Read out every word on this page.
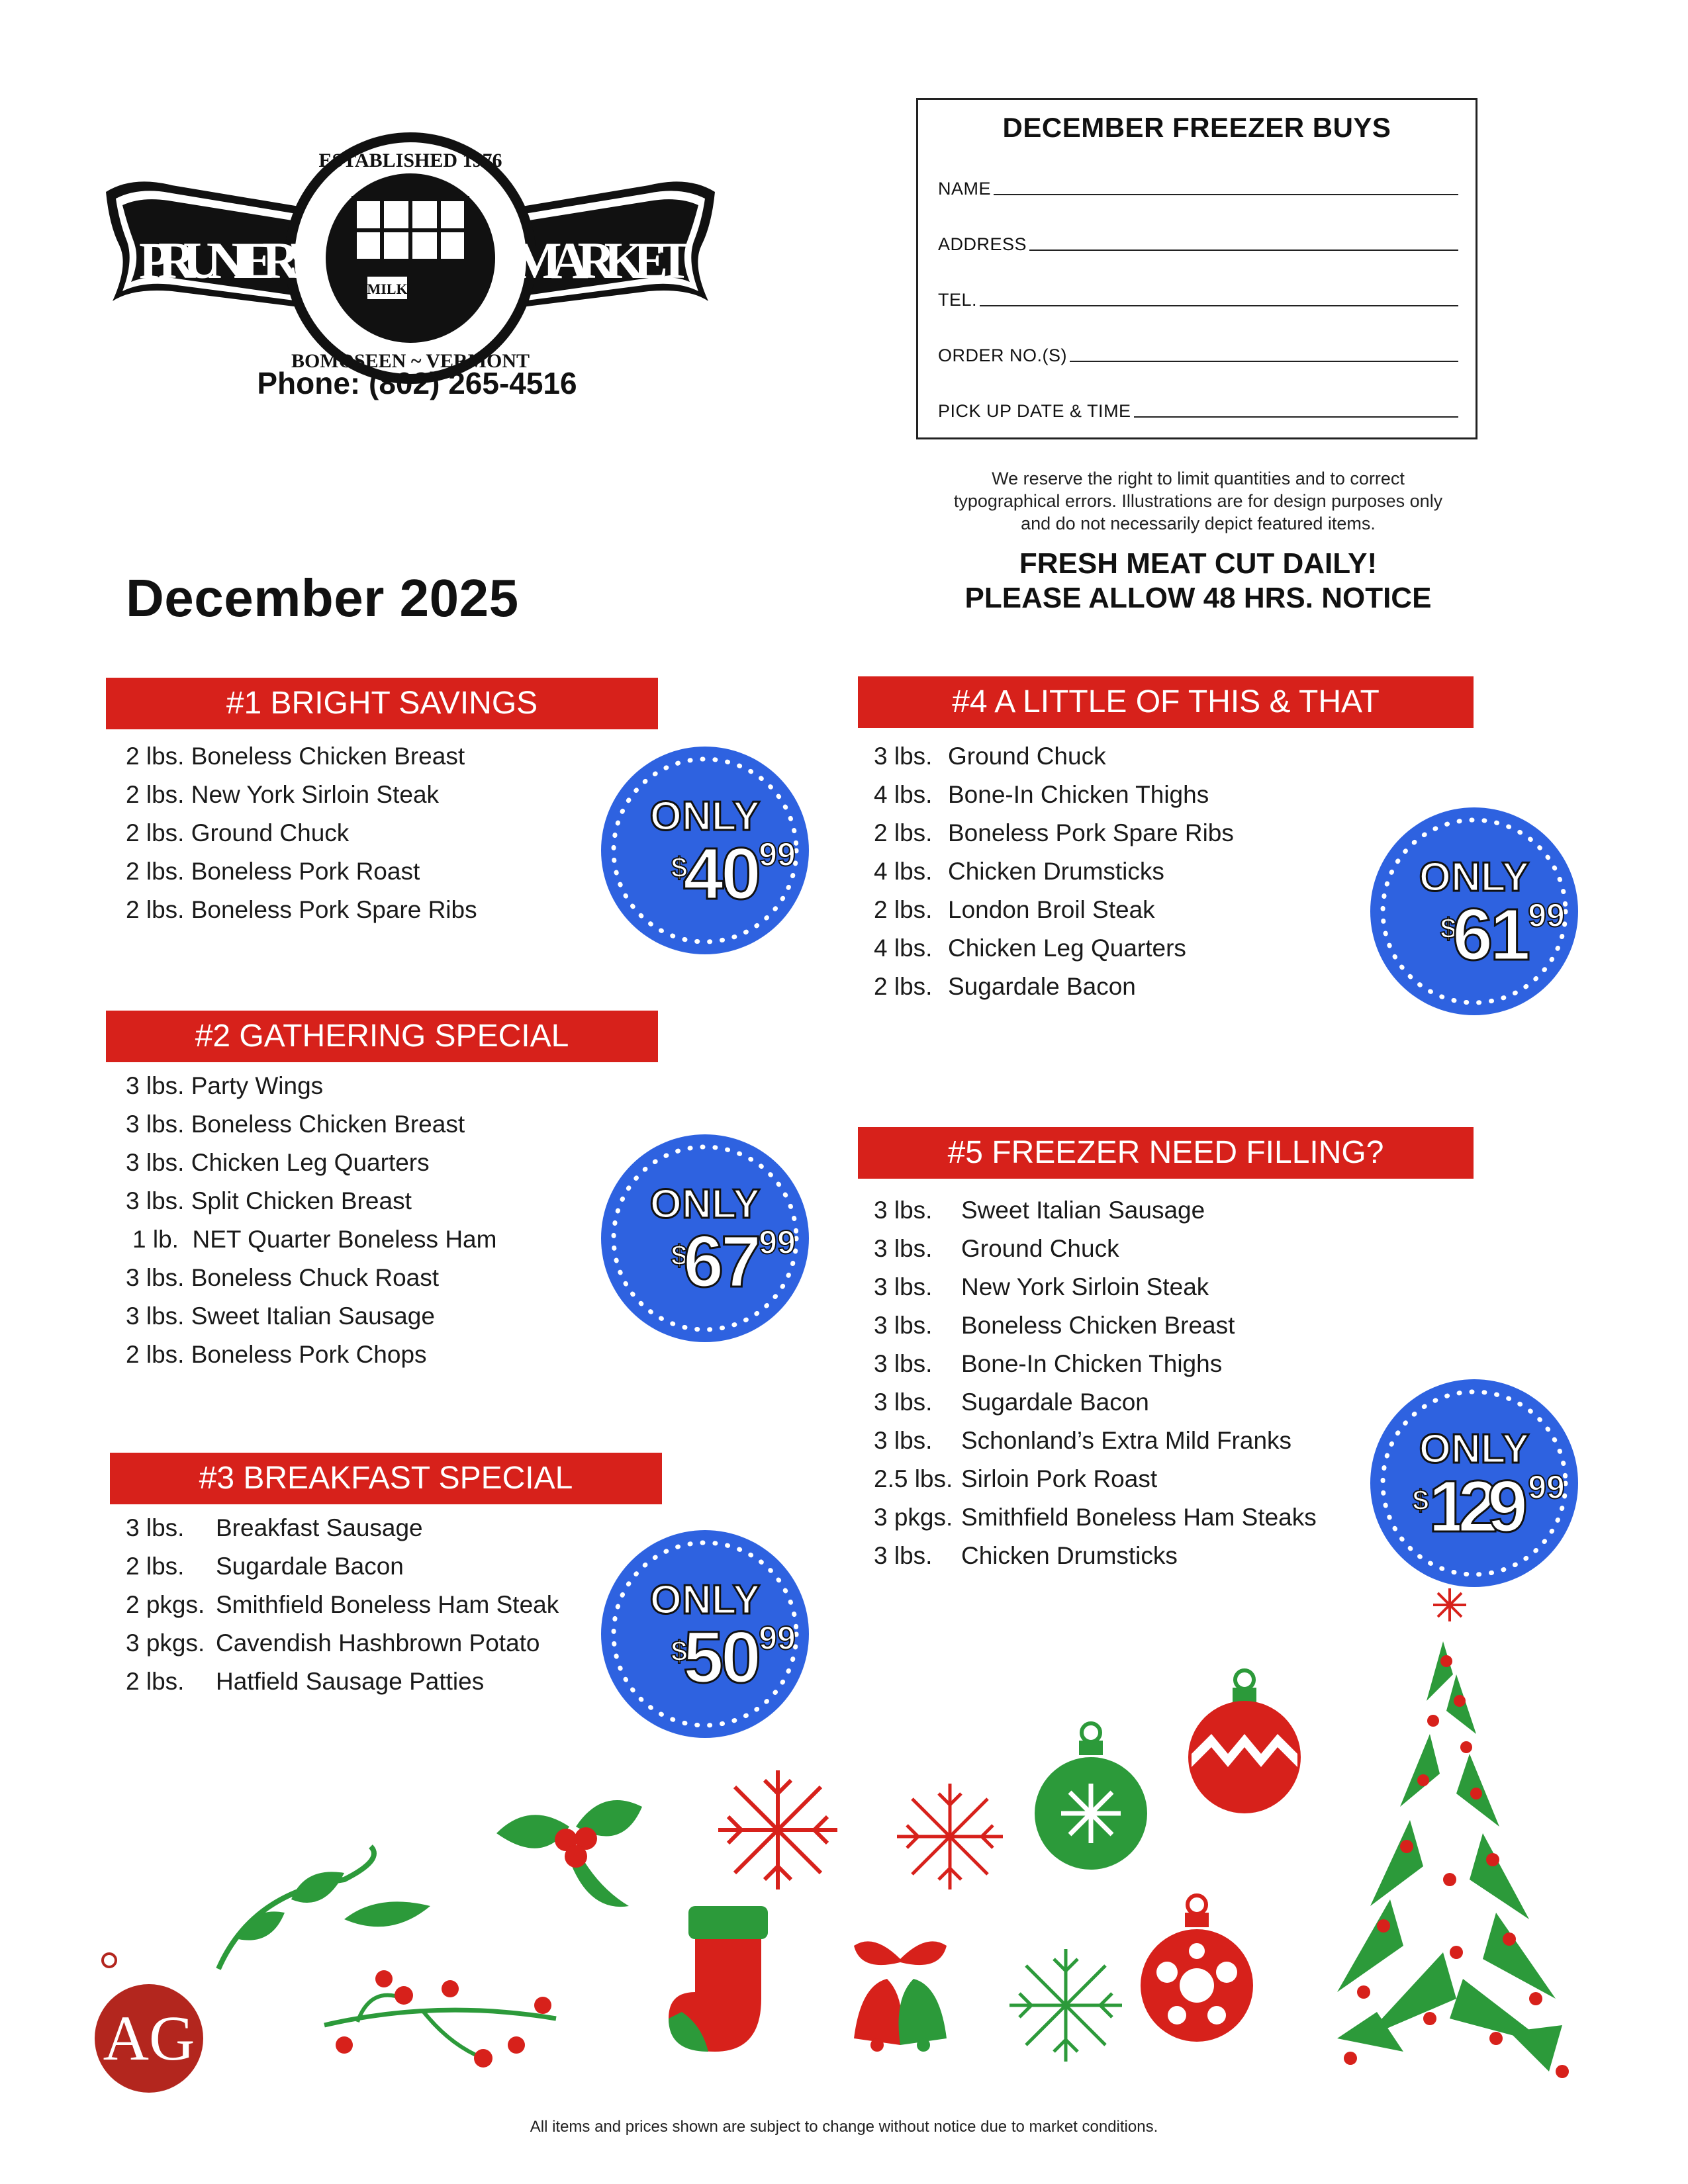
MILK
ESTABLISHED 1976
BOMOSEEN ~ VERMONT
PRUNIER'S	MARKET
Phone: (802) 265-4516
DECEMBER FREEZER BUYS
NAME
ADDRESS
TEL.
ORDER NO.(S)
PICK UP DATE & TIME
We reserve the right to limit quantities and to correct
typographical errors. Illustrations are for design purposes only
and do not necessarily depict featured items.
FRESH MEAT CUT DAILY!
PLEASE ALLOW 48 HRS. NOTICE
December 2025
#1 BRIGHT SAVINGS
#2 GATHERING SPECIAL
#3 BREAKFAST SPECIAL
#4 A LITTLE OF THIS & THAT
#5 FREEZER NEED FILLING?
2 lbs. Boneless Chicken Breast
2 lbs. New York Sirloin Steak
2 lbs. Ground Chuck
2 lbs. Boneless Pork Roast
2 lbs. Boneless Pork Spare Ribs
3 lbs. Party Wings
3 lbs. Boneless Chicken Breast
3 lbs. Chicken Leg Quarters
3 lbs. Split Chicken Breast
1 lb. NET Quarter Boneless Ham
3 lbs. Boneless Chuck Roast
3 lbs. Sweet Italian Sausage
2 lbs. Boneless Pork Chops
3 lbs. Breakfast Sausage
2 lbs. Sugardale Bacon
2 pkgs. Smithfield Boneless Ham Steak
3 pkgs. Cavendish Hashbrown Potato
2 lbs. Hatfield Sausage Patties
3 lbs. Ground Chuck
4 lbs. Bone-In Chicken Thighs
2 lbs. Boneless Pork Spare Ribs
4 lbs. Chicken Drumsticks
2 lbs. London Broil Steak
4 lbs. Chicken Leg Quarters
2 lbs. Sugardale Bacon
3 lbs. Sweet Italian Sausage
3 lbs. Ground Chuck
3 lbs. New York Sirloin Steak
3 lbs. Boneless Chicken Breast
3 lbs. Bone-In Chicken Thighs
3 lbs. Sugardale Bacon
3 lbs. Schonland’s Extra Mild Franks
2.5 lbs. Sirloin Pork Roast
3 pkgs. Smithfield Boneless Ham Steaks
3 lbs. Chicken Drumsticks
ONLY
$
40
99
ONLY
$
67
99
ONLY
$
50
99
ONLY
$
61
99
ONLY
$ 129 99
AG
All items and prices shown are subject to change without notice due to market conditions.
